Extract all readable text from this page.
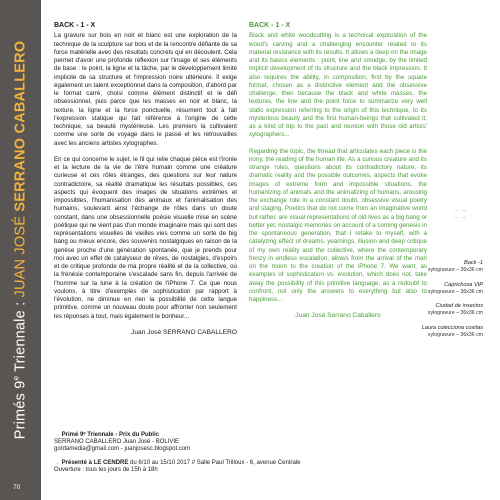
Primés 9e Triennale : JUAN JOSÉ SERRANO CABALLERO
70
BACK - 1 - X

La gravure sur bois en noir et blanc est une exploration de la technique de la sculpture sur bois et de la rencontre défiante de sa force matérielle avec des résultats concrets qui en découlent. Cela permet d'avoir une profonde réflexion sur l'image et ses éléments de base : le point, la ligne et la tâche, par le développement limité implicite de sa structure et l'impression noire ultérieure. Il exige également un talent exceptionnel dans la composition, d'abord par le format carré, choisi comme élément distinctif et le défi obsessionnel, puis parce que les masses en noir et blanc, la texture, la ligne et la force ponctuelle, résument tout à fait l'expression statique qui fait référence à l'origine de cette technique, sa beauté mystérieuse. Les premiers la cultivaient comme une sorte de voyage dans le passé et les retrouvailles avec les anciens artistes xylographes.

En ce qui concerne le sujet, le fil qui relie chaque pièce est l'ironie et la lecture de la vie de l'être humain comme une créature curieuse et ces rôles étranges, des questions sur leur nature contradictoire, sa réalité dramatique les résultats possibles, ces aspects qui évoquent des images de situations extrêmes et impossibles, l'humanisation des animaux et l'animalisation des humains, soulevant ainsi l'échange de rôles dans un doute constant, dans une obsessionnelle poésie visuelle mise en scène poétique qui ne vient pas d'un monde imaginaire mais qui sont des représentations visuelles de vieilles vies comme un sorte de big bang ou mieux encore, des souvenirs nostalgiques en raison de la genèse proche d'une génération spontanée, que je prends pour moi avec un effet de catalyseur de rêves, de nostalgies, d'espoirs et de critique profonde de ma propre réalité et de la collective, où la frénésie contemporaine s'escalade sans fin, depuis l'arrivée de l'homme sur la lune à la création de l'iPhone 7. Ce que nous voulons, à titre d'exemples de sophistication par rapport à l'évolution, ne diminue en rien la possibilité de cette langue primitive, comme un nouveau doute pour affronter non seulement les réponses à tout, mais également le bonheur...

Juan José SERRANO CABALLERO
BACK - 1 - X

Black and white woodcutting is a technical exploration of the wood's carving and a challenging encounter related to its material resistance with its results. It allows a deep on the image and its basics elements : point, line and smudge, by the limited implicit development of its structure and the black impression. It also requires the ability, in composition, first by the square format, chosen as a distinctive element and the obsessive challenge, then because the black and white masses, the textures, the line and the point force to summarize very well static expression referring to the origin of this technique, to its mysterious beauty and the first human-beings that cultivated it, as a kind of trip to the past and reunion with those old artists' xylographers...

Regarding the topic, the thread that articulates each piece is the irony, the reading of the human life. As a curious creature and its strange roles, questions about its contradictory nature, its dramatic reality and the possible outcomes, aspects that evoke images of extreme form and impossible situations, the humanizing of animals and the animalizing of humans, arousing the exchange role in a constant doubt, obsessive visual poetry and staging. Poetics that do not come from an imaginative world but rather, are visual representations of old lives as a big bang or better yet, nostalgic memories on account of a coming genesis in the spontaneous generation, that I retake to myself, with a catalyzing effect of dreams, yearnings, illusion and deep critique of my own reality and the collective, where the contemporary frenzy in endless escalation, allows from the arrival of the man on the moon to the creation of the iPhone 7. We want, as examples of sophistication vs. evolution, which does not, take away the possibility of this primitive language, as a redoubt to confront, not only the answers to everything but also to happiness...

Juan José Serrano Caballero
→→
→→
Back -1
xylogravure – 36x36 cm
Caprichosa VIP
xylogravure – 36x36 cm
Ciudad de insectos
xylogravure – 36x36 cm
Laura colecciona cositas
xylogravure – 36x36 cm
→ Primé 9ᵉ Triennale - Prix du Public
SERRANO CABALLERO Juan José - BOLIVIE
gordamedia@gmail.com - juanjosesc.blogspot.com
→ Présenté à LE CENDRE du 6/10 au 15/10 2017 // Salle Paul Trilloux - 6, avenue Centrale
Ouverture : tous les jours de 15h à 18h
